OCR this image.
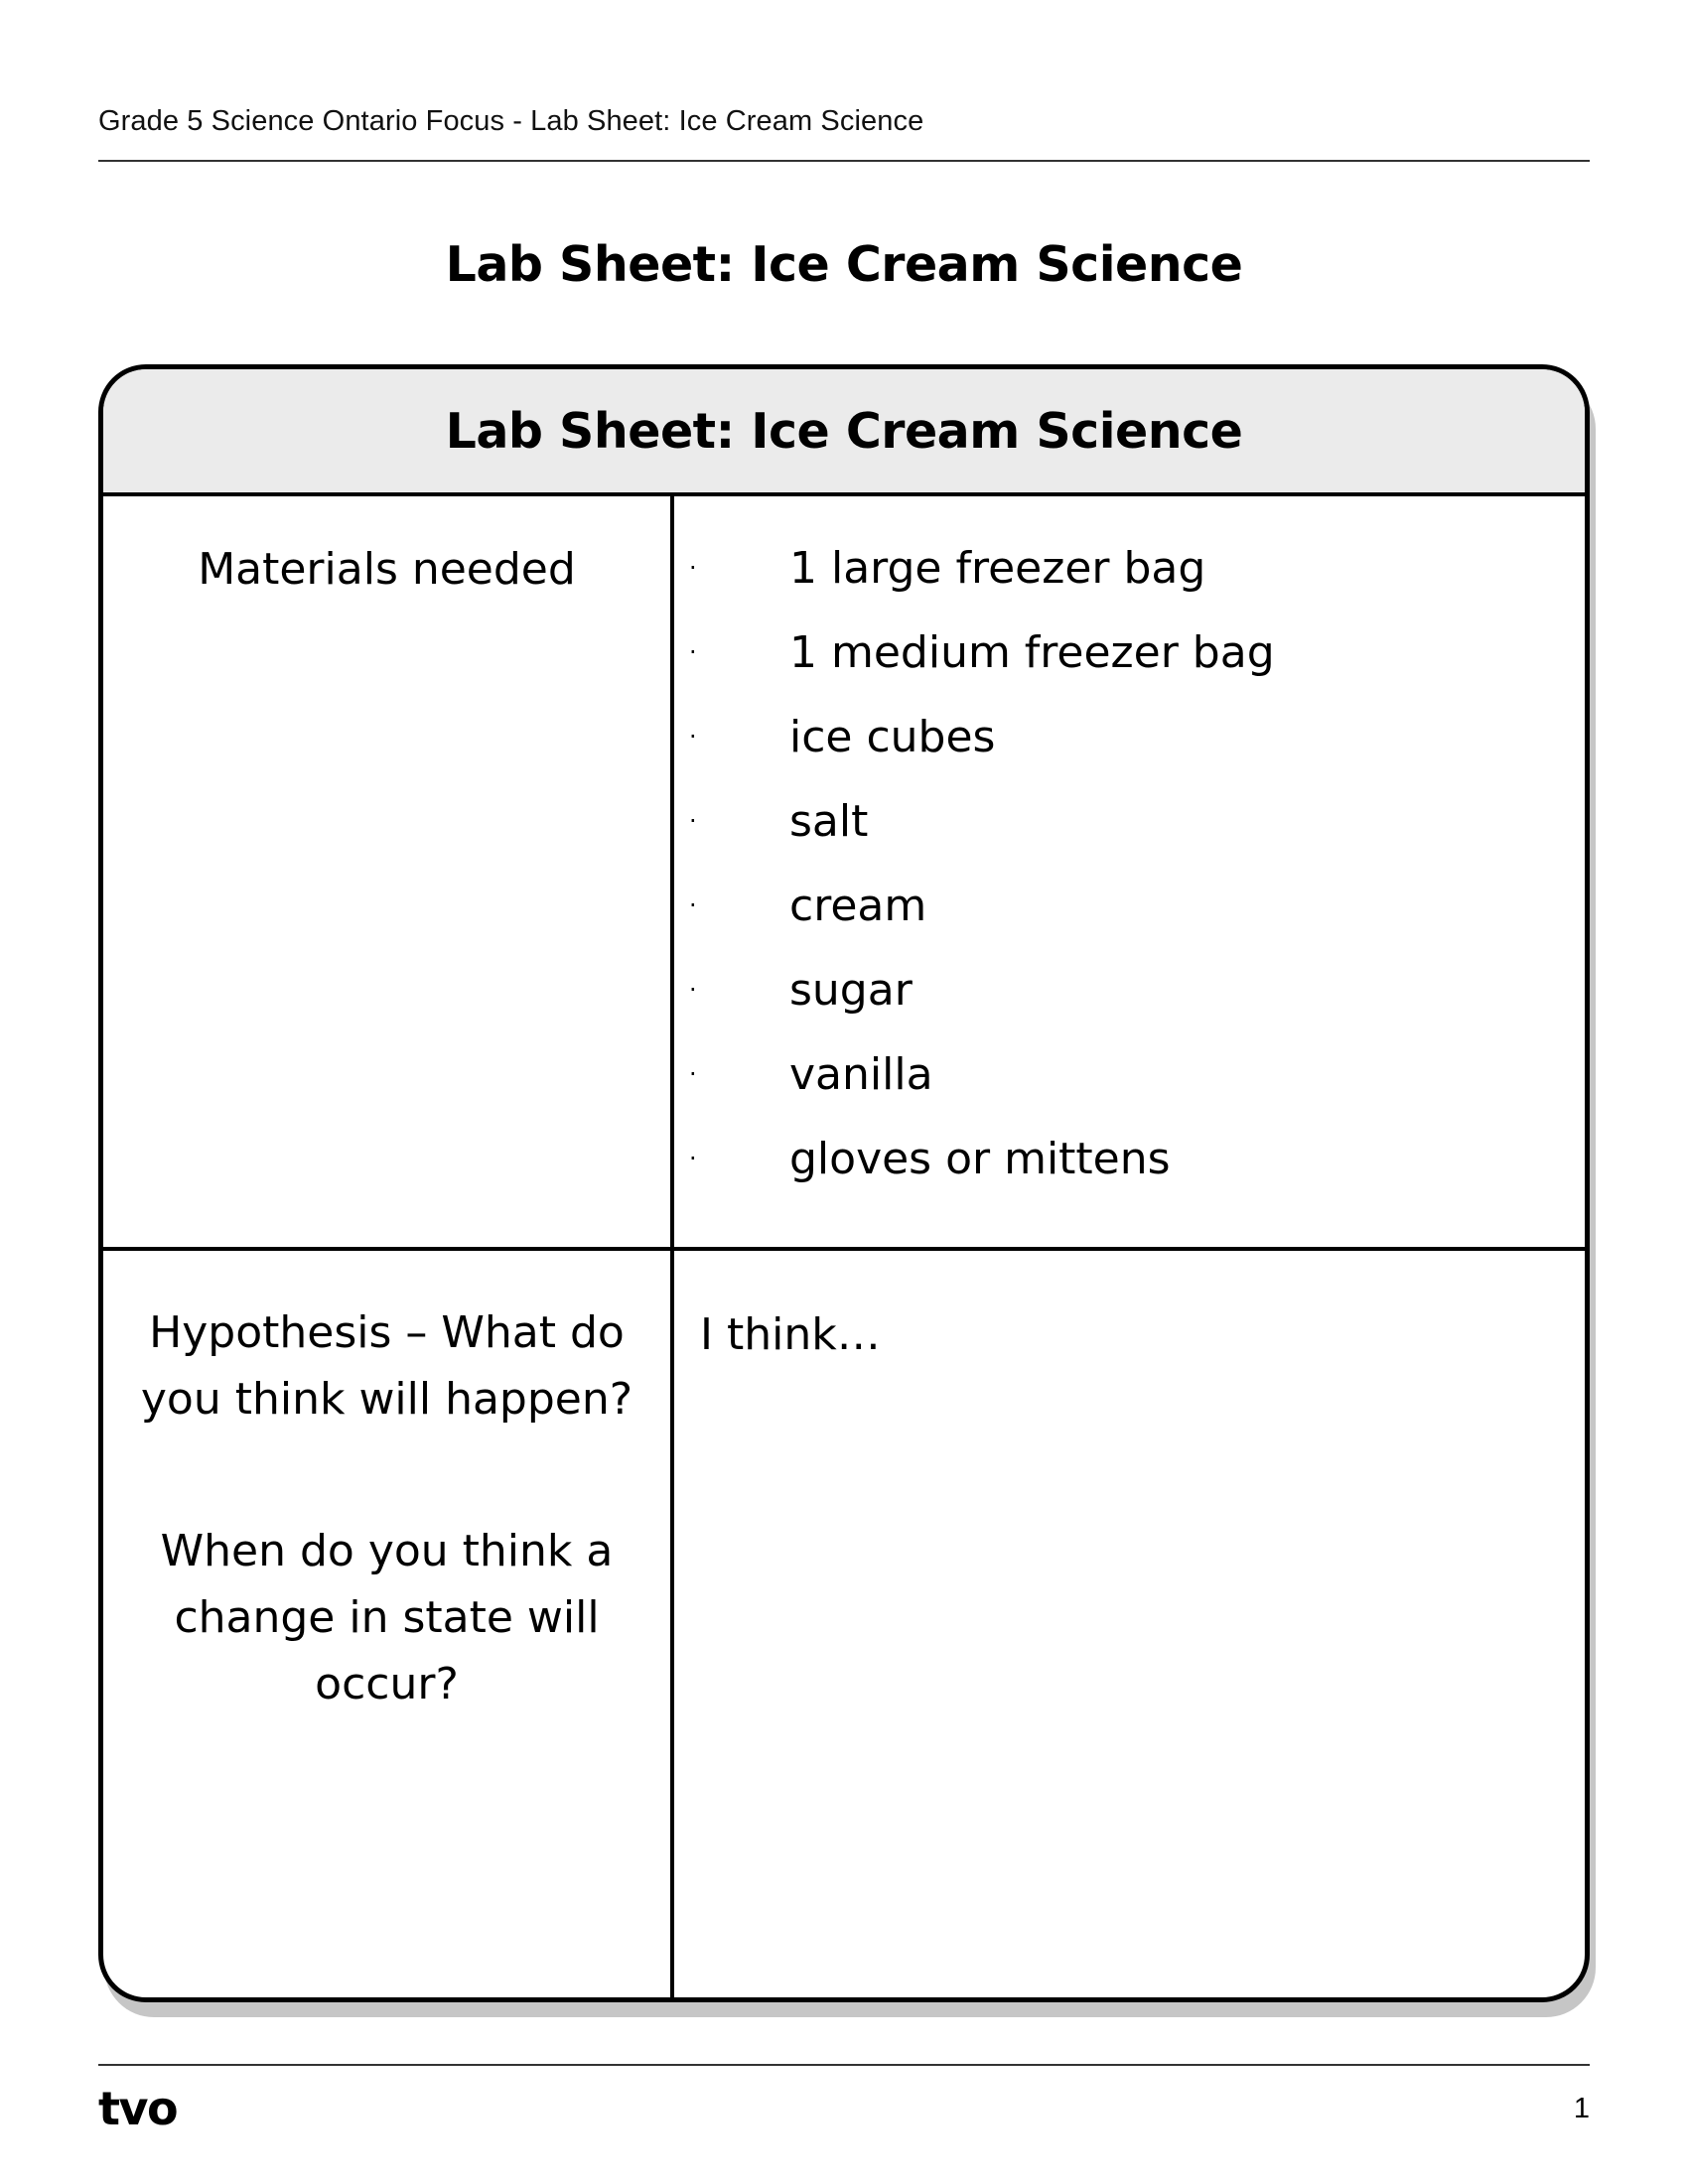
Grade 5 Science Ontario Focus - Lab Sheet: Ice Cream Science
Lab Sheet: Ice Cream Science
Lab Sheet: Ice Cream Science
Materials needed	· 1 large freezer bag
· 1 medium freezer bag
· ice cubes
· salt
· cream
· sugar
· vanilla
· gloves or mittens

Hypothesis – What do you think will happen?

When do you think a change in state will occur?

I think…
tvo	1
